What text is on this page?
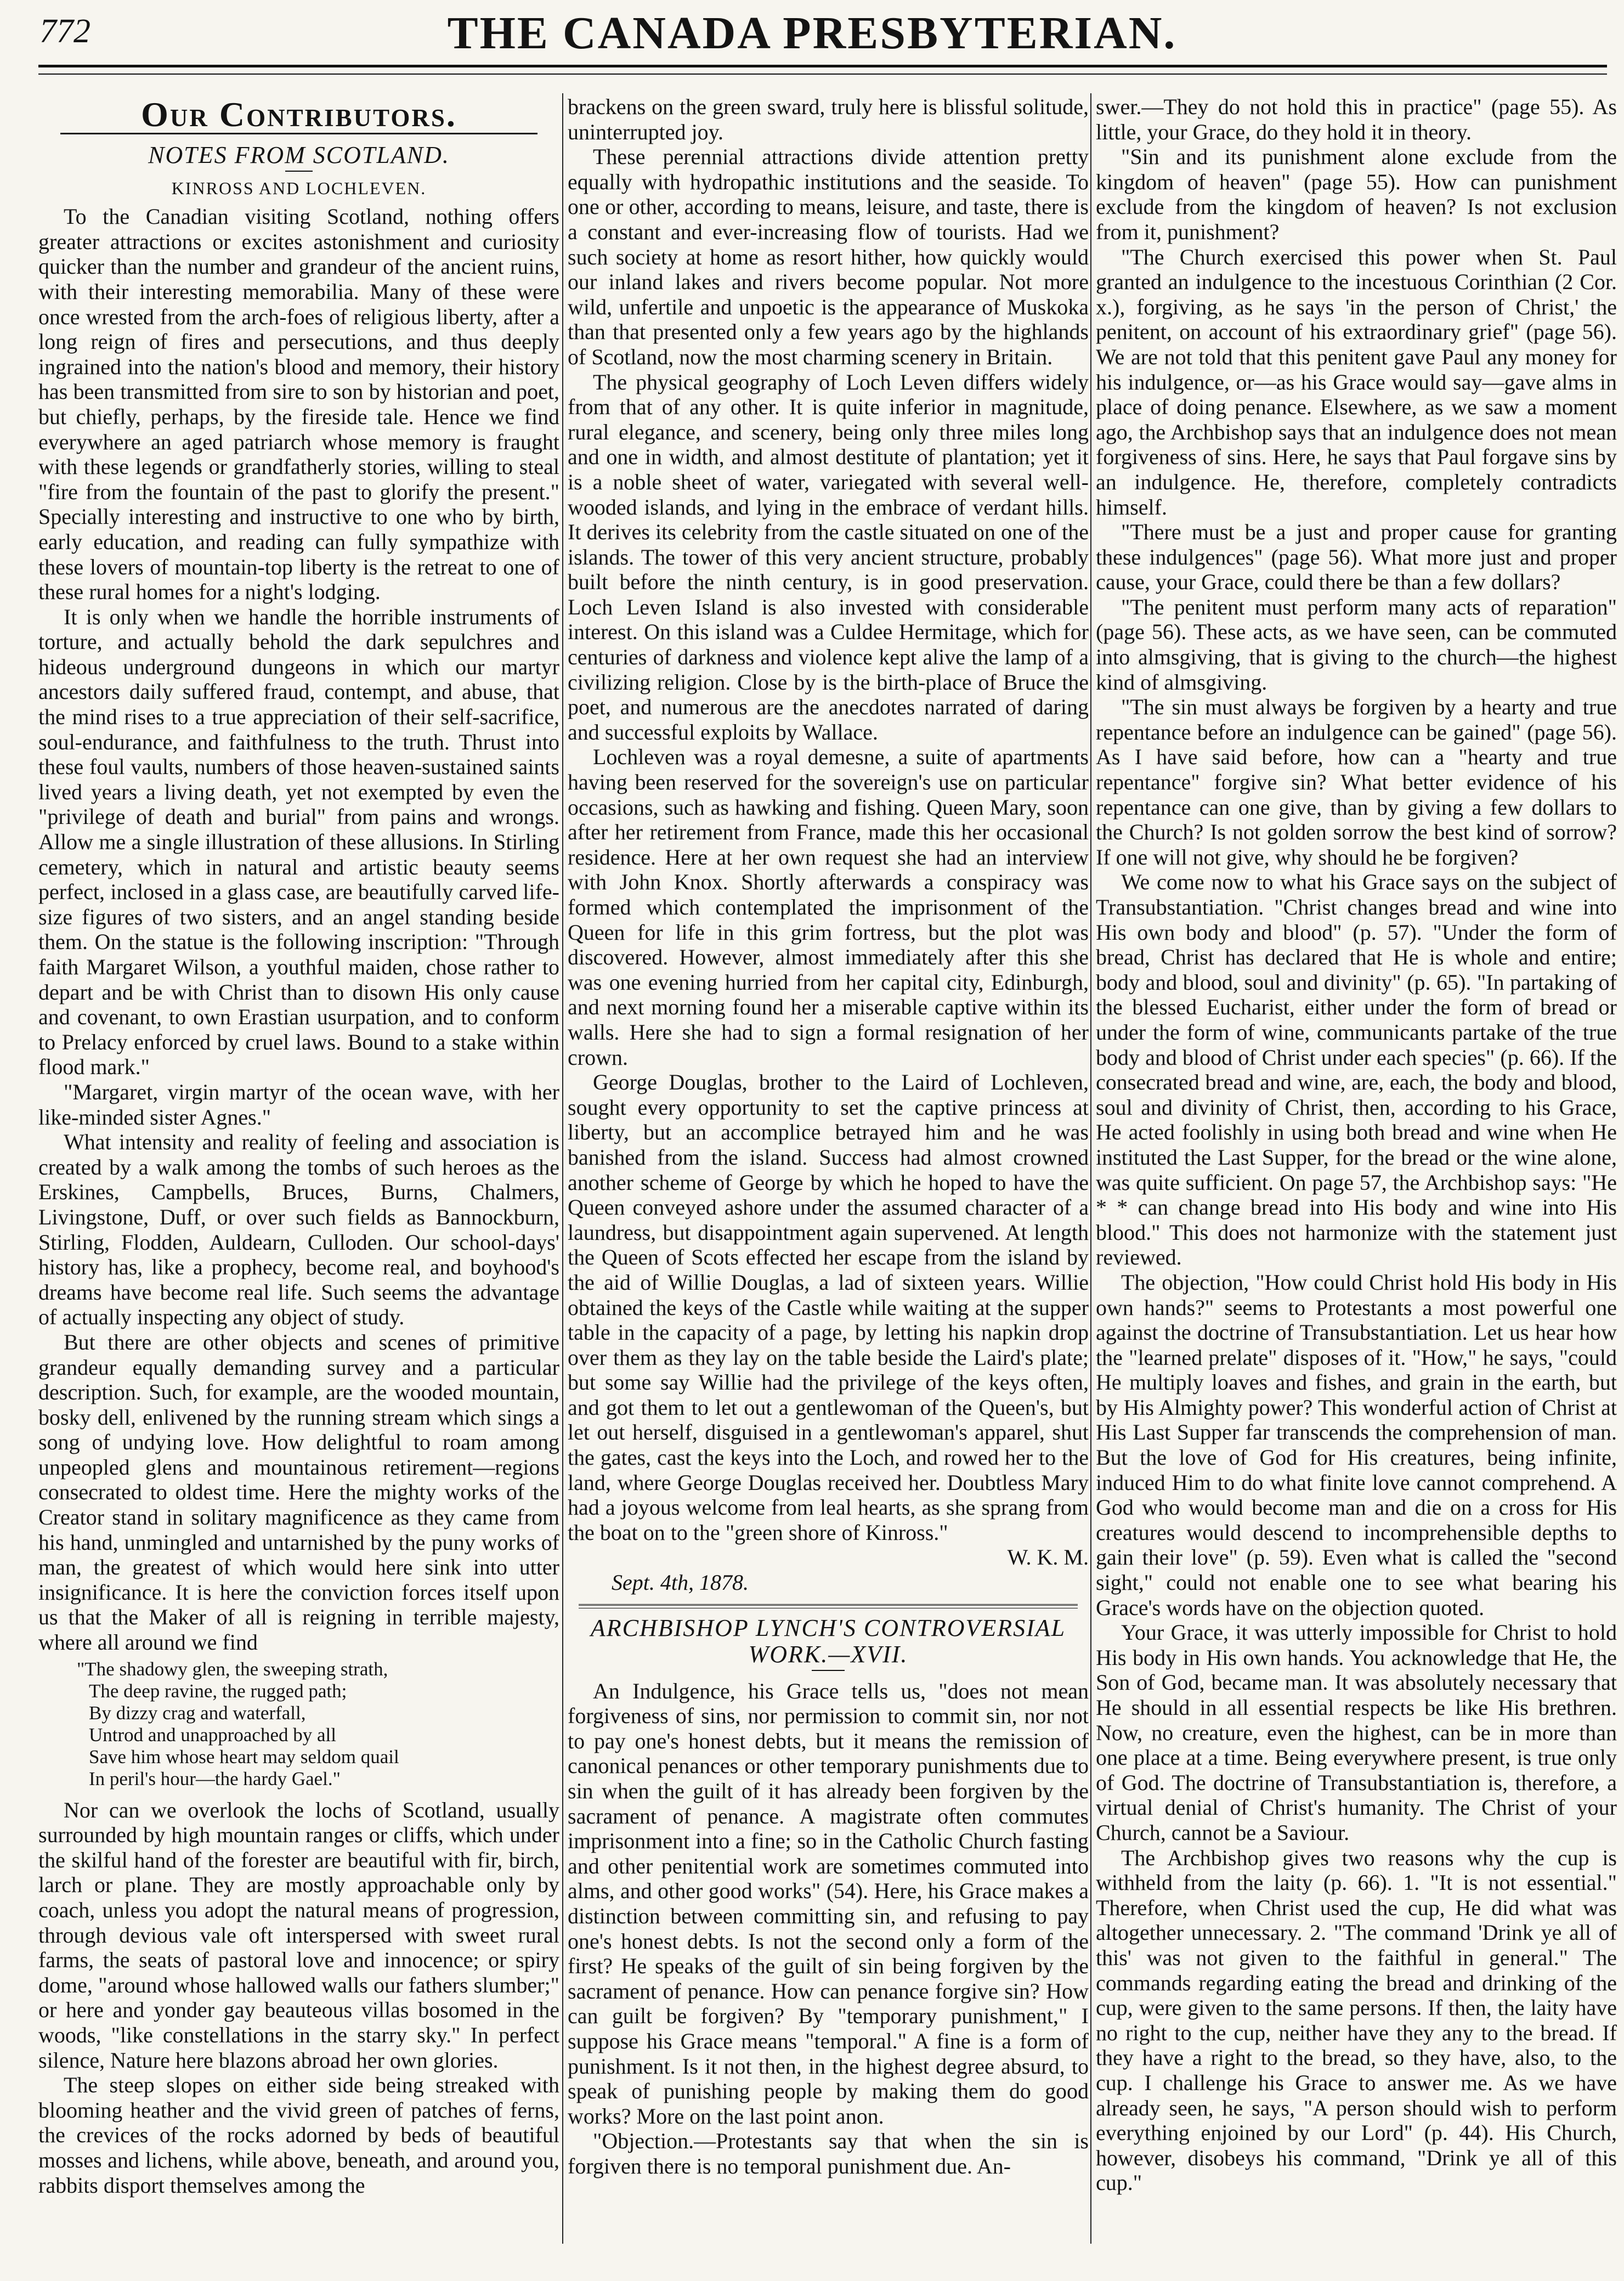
772	THE CANADA PRESBYTERIAN.
Our Contributors.
NOTES FROM SCOTLAND.
KINROSS AND LOCHLEVEN.

To the Canadian visiting Scotland, nothing offers greater attractions or excites astonishment and curiosity quicker than the number and grandeur of the ancient ruins, with their interesting memorabilia. Many of these were once wrested from the arch-foes of religious liberty, after a long reign of fires and persecutions, and thus deeply ingrained into the nation's blood and memory, their history has been transmitted from sire to son by historian and poet, but chiefly, perhaps, by the fireside tale. Hence we find everywhere an aged patriarch whose memory is fraught with these legends or grandfatherly stories, willing to steal "fire from the fountain of the past to glorify the present." Specially interesting and instructive to one who by birth, early education, and reading can fully sympathize with these lovers of mountain-top liberty is the retreat to one of these rural homes for a night's lodging.

It is only when we handle the horrible instruments of torture, and actually behold the dark sepulchres and hideous underground dungeons in which our martyr ancestors daily suffered fraud, contempt, and abuse, that the mind rises to a true appreciation of their self-sacrifice, soul-endurance, and faithfulness to the truth. Thrust into these foul vaults, numbers of those heaven-sustained saints lived years a living death, yet not exempted by even the "privilege of death and burial" from pains and wrongs. Allow me a single illustration of these allusions. In Stirling cemetery, which in natural and artistic beauty seems perfect, inclosed in a glass case, are beautifully carved life-size figures of two sisters, and an angel standing beside them. On the statue is the following inscription: "Through faith Margaret Wilson, a youthful maiden, chose rather to depart and be with Christ than to disown His only cause and covenant, to own Erastian usurpation, and to conform to Prelacy enforced by cruel laws. Bound to a stake within flood mark."

"Margaret, virgin martyr of the ocean wave, with her like-minded sister Agnes."

What intensity and reality of feeling and association is created by a walk among the tombs of such heroes as the Erskines, Campbells, Bruces, Burns, Chalmers, Livingstone, Duff, or over such fields as Bannockburn, Stirling, Flodden, Auldearn, Culloden. Our school-days' history has, like a prophecy, become real, and boyhood's dreams have become real life. Such seems the advantage of actually inspecting any object of study.

But there are other objects and scenes of primitive grandeur equally demanding survey and a particular description. Such, for example, are the wooded mountain, bosky dell, enlivened by the running stream which sings a song of undying love. How delightful to roam among unpeopled glens and mountainous retirement—regions consecrated to oldest time. Here the mighty works of the Creator stand in solitary magnificence as they came from his hand, unmingled and untarnished by the puny works of man, the greatest of which would here sink into utter insignificance. It is here the conviction forces itself upon us that the Maker of all is reigning in terrible majesty, where all around we find

"The shadowy glen, the sweeping strath,
The deep ravine, the rugged path;
By dizzy crag and waterfall,
Untrod and unapproached by all
Save him whose heart may seldom quail
In peril's hour—the hardy Gael."

Nor can we overlook the lochs of Scotland, usually surrounded by high mountain ranges or cliffs, which under the skilful hand of the forester are beautiful with fir, birch, larch or plane. They are mostly approachable only by coach, unless you adopt the natural means of progression, through devious vale oft interspersed with sweet rural farms, the seats of pastoral love and innocence; or spiry dome, "around whose hallowed walls our fathers slumber;" or here and yonder gay beauteous villas bosomed in the woods, "like constellations in the starry sky." In perfect silence, Nature here blazons abroad her own glories.

The steep slopes on either side being streaked with blooming heather and the vivid green of patches of ferns, the crevices of the rocks adorned by beds of beautiful mosses and lichens, while above, beneath, and around you, rabbits disport themselves among the

brackens on the green sward, truly here is blissful solitude, uninterrupted joy.

These perennial attractions divide attention pretty equally with hydropathic institutions and the seaside. To one or other, according to means, leisure, and taste, there is a constant and ever-increasing flow of tourists. Had we such society at home as resort hither, how quickly would our inland lakes and rivers become popular. Not more wild, unfertile and unpoetic is the appearance of Muskoka than that presented only a few years ago by the highlands of Scotland, now the most charming scenery in Britain.

The physical geography of Loch Leven differs widely from that of any other. It is quite inferior in magnitude, rural elegance, and scenery, being only three miles long and one in width, and almost destitute of plantation; yet it is a noble sheet of water, variegated with several well-wooded islands, and lying in the embrace of verdant hills. It derives its celebrity from the castle situated on one of the islands. The tower of this very ancient structure, probably built before the ninth century, is in good preservation. Loch Leven Island is also invested with considerable interest. On this island was a Culdee Hermitage, which for centuries of darkness and violence kept alive the lamp of a civilizing religion. Close by is the birth-place of Bruce the poet, and numerous are the anecdotes narrated of daring and successful exploits by Wallace.

Lochleven was a royal demesne, a suite of apartments having been reserved for the sovereign's use on particular occasions, such as hawking and fishing. Queen Mary, soon after her retirement from France, made this her occasional residence. Here at her own request she had an interview with John Knox. Shortly afterwards a conspiracy was formed which contemplated the imprisonment of the Queen for life in this grim fortress, but the plot was discovered. However, almost immediately after this she was one evening hurried from her capital city, Edinburgh, and next morning found her a miserable captive within its walls. Here she had to sign a formal resignation of her crown.

George Douglas, brother to the Laird of Lochleven, sought every opportunity to set the captive princess at liberty, but an accomplice betrayed him and he was banished from the island. Success had almost crowned another scheme of George by which he hoped to have the Queen conveyed ashore under the assumed character of a laundress, but disappointment again supervened. At length the Queen of Scots effected her escape from the island by the aid of Willie Douglas, a lad of sixteen years. Willie obtained the keys of the Castle while waiting at the supper table in the capacity of a page, by letting his napkin drop over them as they lay on the table beside the Laird's plate; but some say Willie had the privilege of the keys often, and got them to let out a gentlewoman of the Queen's, but let out herself, disguised in a gentlewoman's apparel, shut the gates, cast the keys into the Loch, and rowed her to the land, where George Douglas received her. Doubtless Mary had a joyous welcome from leal hearts, as she sprang from the boat on to the "green shore of Kinross."

W. K. M.

Sept. 4th, 1878.

ARCHBISHOP LYNCH'S CONTROVERSIAL
WORK.—XVII.

An Indulgence, his Grace tells us, "does not mean forgiveness of sins, nor permission to commit sin, nor not to pay one's honest debts, but it means the remission of canonical penances or other temporary punishments due to sin when the guilt of it has already been forgiven by the sacrament of penance. A magistrate often commutes imprisonment into a fine; so in the Catholic Church fasting and other penitential work are sometimes commuted into alms, and other good works" (54). Here, his Grace makes a distinction between committing sin, and refusing to pay one's honest debts. Is not the second only a form of the first? He speaks of the guilt of sin being forgiven by the sacrament of penance. How can penance forgive sin? How can guilt be forgiven? By "temporary punishment," I suppose his Grace means "temporal." A fine is a form of punishment. Is it not then, in the highest degree absurd, to speak of punishing people by making them do good works? More on the last point anon.

"Objection.—Protestants say that when the sin is forgiven there is no temporal punishment due. An-

swer.—They do not hold this in practice" (page 55). As little, your Grace, do they hold it in theory.

"Sin and its punishment alone exclude from the kingdom of heaven" (page 55). How can punishment exclude from the kingdom of heaven? Is not exclusion from it, punishment?

"The Church exercised this power when St. Paul granted an indulgence to the incestuous Corinthian (2 Cor. x.), forgiving, as he says 'in the person of Christ,' the penitent, on account of his extraordinary grief" (page 56). We are not told that this penitent gave Paul any money for his indulgence, or—as his Grace would say—gave alms in place of doing penance. Elsewhere, as we saw a moment ago, the Archbishop says that an indulgence does not mean forgiveness of sins. Here, he says that Paul forgave sins by an indulgence. He, therefore, completely contradicts himself.

"There must be a just and proper cause for granting these indulgences" (page 56). What more just and proper cause, your Grace, could there be than a few dollars?

"The penitent must perform many acts of reparation" (page 56). These acts, as we have seen, can be commuted into almsgiving, that is giving to the church—the highest kind of almsgiving.

"The sin must always be forgiven by a hearty and true repentance before an indulgence can be gained" (page 56). As I have said before, how can a "hearty and true repentance" forgive sin? What better evidence of his repentance can one give, than by giving a few dollars to the Church? Is not golden sorrow the best kind of sorrow? If one will not give, why should he be forgiven?

We come now to what his Grace says on the subject of Transubstantiation. "Christ changes bread and wine into His own body and blood" (p. 57). "Under the form of bread, Christ has declared that He is whole and entire; body and blood, soul and divinity" (p. 65). "In partaking of the blessed Eucharist, either under the form of bread or under the form of wine, communicants partake of the true body and blood of Christ under each species" (p. 66). If the consecrated bread and wine, are, each, the body and blood, soul and divinity of Christ, then, according to his Grace, He acted foolishly in using both bread and wine when He instituted the Last Supper, for the bread or the wine alone, was quite sufficient. On page 57, the Archbishop says: "He * * can change bread into His body and wine into His blood." This does not harmonize with the statement just reviewed.

The objection, "How could Christ hold His body in His own hands?" seems to Protestants a most powerful one against the doctrine of Transubstantiation. Let us hear how the "learned prelate" disposes of it. "How," he says, "could He multiply loaves and fishes, and grain in the earth, but by His Almighty power? This wonderful action of Christ at His Last Supper far transcends the comprehension of man. But the love of God for His creatures, being infinite, induced Him to do what finite love cannot comprehend. A God who would become man and die on a cross for His creatures would descend to incomprehensible depths to gain their love" (p. 59). Even what is called the "second sight," could not enable one to see what bearing his Grace's words have on the objection quoted.

Your Grace, it was utterly impossible for Christ to hold His body in His own hands. You acknowledge that He, the Son of God, became man. It was absolutely necessary that He should in all essential respects be like His brethren. Now, no creature, even the highest, can be in more than one place at a time. Being everywhere present, is true only of God. The doctrine of Transubstantiation is, therefore, a virtual denial of Christ's humanity. The Christ of your Church, cannot be a Saviour.

The Archbishop gives two reasons why the cup is withheld from the laity (p. 66). 1. "It is not essential." Therefore, when Christ used the cup, He did what was altogether unnecessary. 2. "The command 'Drink ye all of this' was not given to the faithful in general." The commands regarding eating the bread and drinking of the cup, were given to the same persons. If then, the laity have no right to the cup, neither have they any to the bread. If they have a right to the bread, so they have, also, to the cup. I challenge his Grace to answer me. As we have already seen, he says, "A person should wish to perform everything enjoined by our Lord" (p. 44). His Church, however, disobeys his command, "Drink ye all of this cup."
